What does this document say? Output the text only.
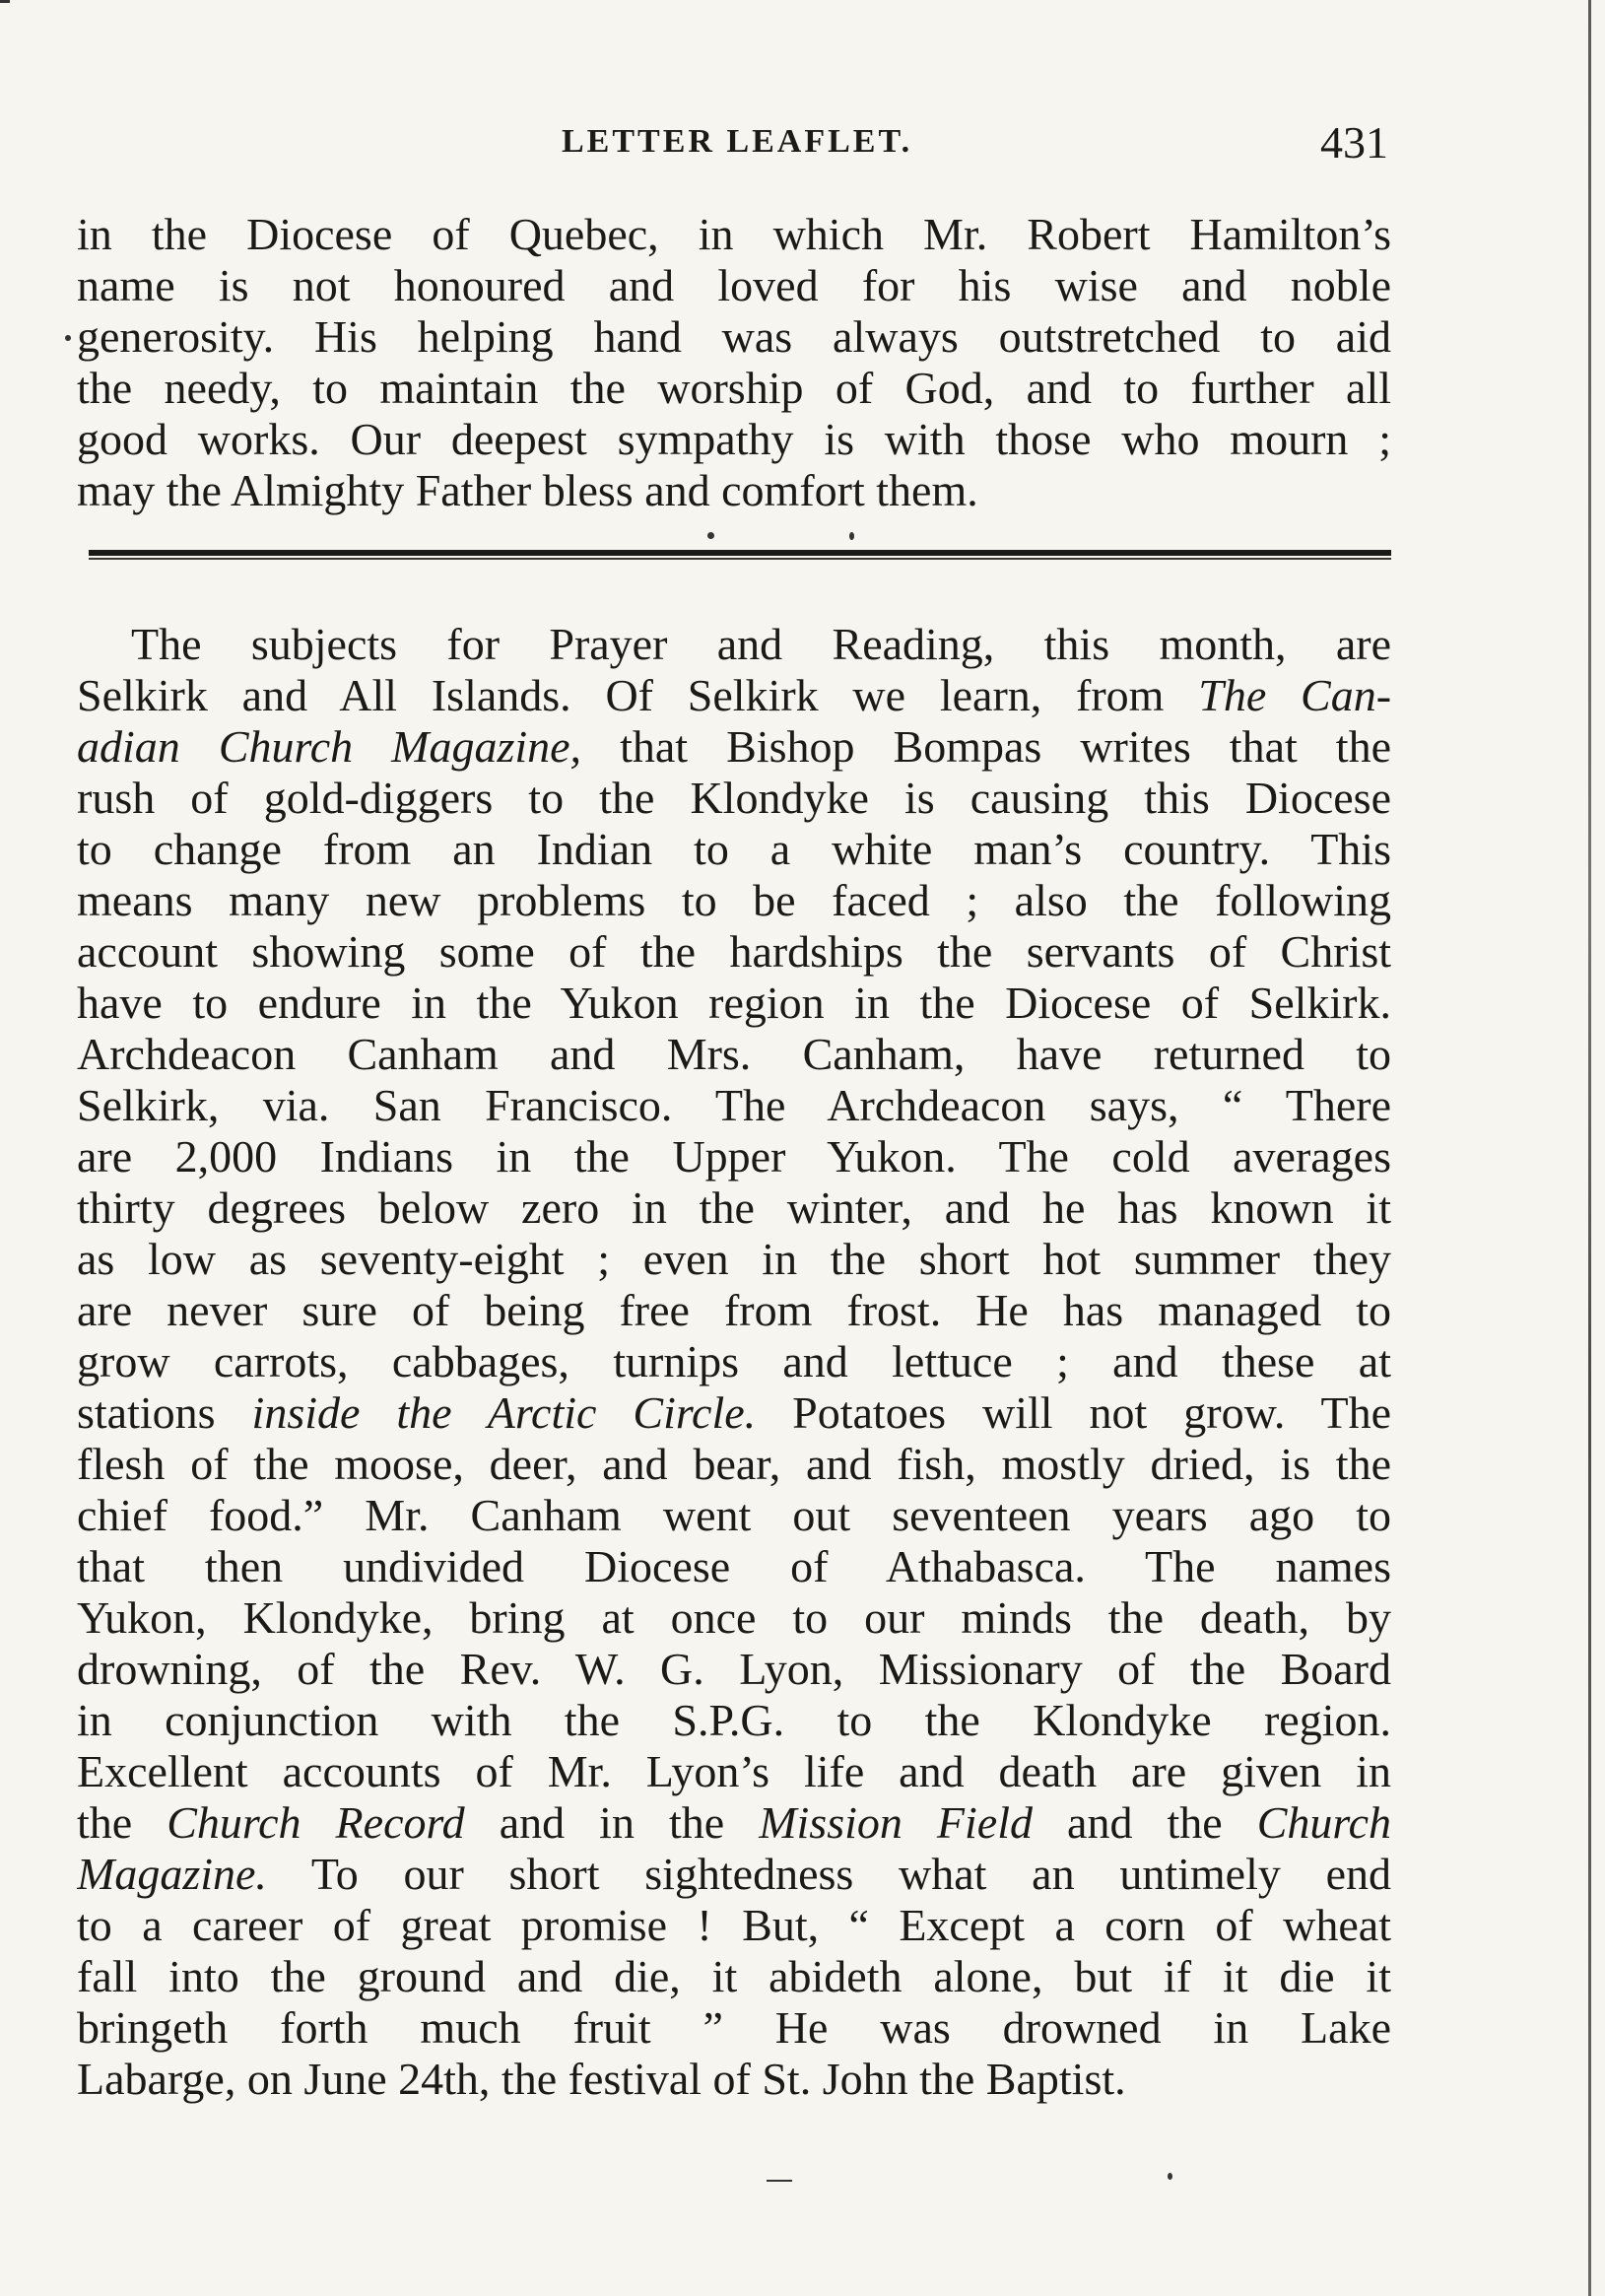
LETTER LEAFLET.	431
in the Diocese of Quebec, in which Mr. Robert Hamilton’s
name is not honoured and loved for his wise and noble
generosity. His helping hand was always outstretched to aid
the needy, to maintain the worship of God, and to further all
good works. Our deepest sympathy is with those who mourn ;
may the Almighty Father bless and comfort them.
The subjects for Prayer and Reading, this month, are
Selkirk and All Islands. Of Selkirk we learn, from The Can-
adian Church Magazine, that Bishop Bompas writes that the
rush of gold-diggers to the Klondyke is causing this Diocese
to change from an Indian to a white man’s country. This
means many new problems to be faced ; also the following
account showing some of the hardships the servants of Christ
have to endure in the Yukon region in the Diocese of Selkirk.
Archdeacon Canham and Mrs. Canham, have returned to
Selkirk, via. San Francisco. The Archdeacon says, “ There
are 2,000 Indians in the Upper Yukon. The cold averages
thirty degrees below zero in the winter, and he has known it
as low as seventy-eight ; even in the short hot summer they
are never sure of being free from frost. He has managed to
grow carrots, cabbages, turnips and lettuce ; and these at
stations inside the Arctic Circle. Potatoes will not grow. The
flesh of the moose, deer, and bear, and fish, mostly dried, is the
chief food.” Mr. Canham went out seventeen years ago to
that then undivided Diocese of Athabasca. The names
Yukon, Klondyke, bring at once to our minds the death, by
drowning, of the Rev. W. G. Lyon, Missionary of the Board
in conjunction with the S.P.G. to the Klondyke region.
Excellent accounts of Mr. Lyon’s life and death are given in
the Church Record and in the Mission Field and the Church
Magazine. To our short sightedness what an untimely end
to a career of great promise ! But, “ Except a corn of wheat
fall into the ground and die, it abideth alone, but if it die it
bringeth forth much fruit ” He was drowned in Lake
Labarge, on June 24th, the festival of St. John the Baptist.
